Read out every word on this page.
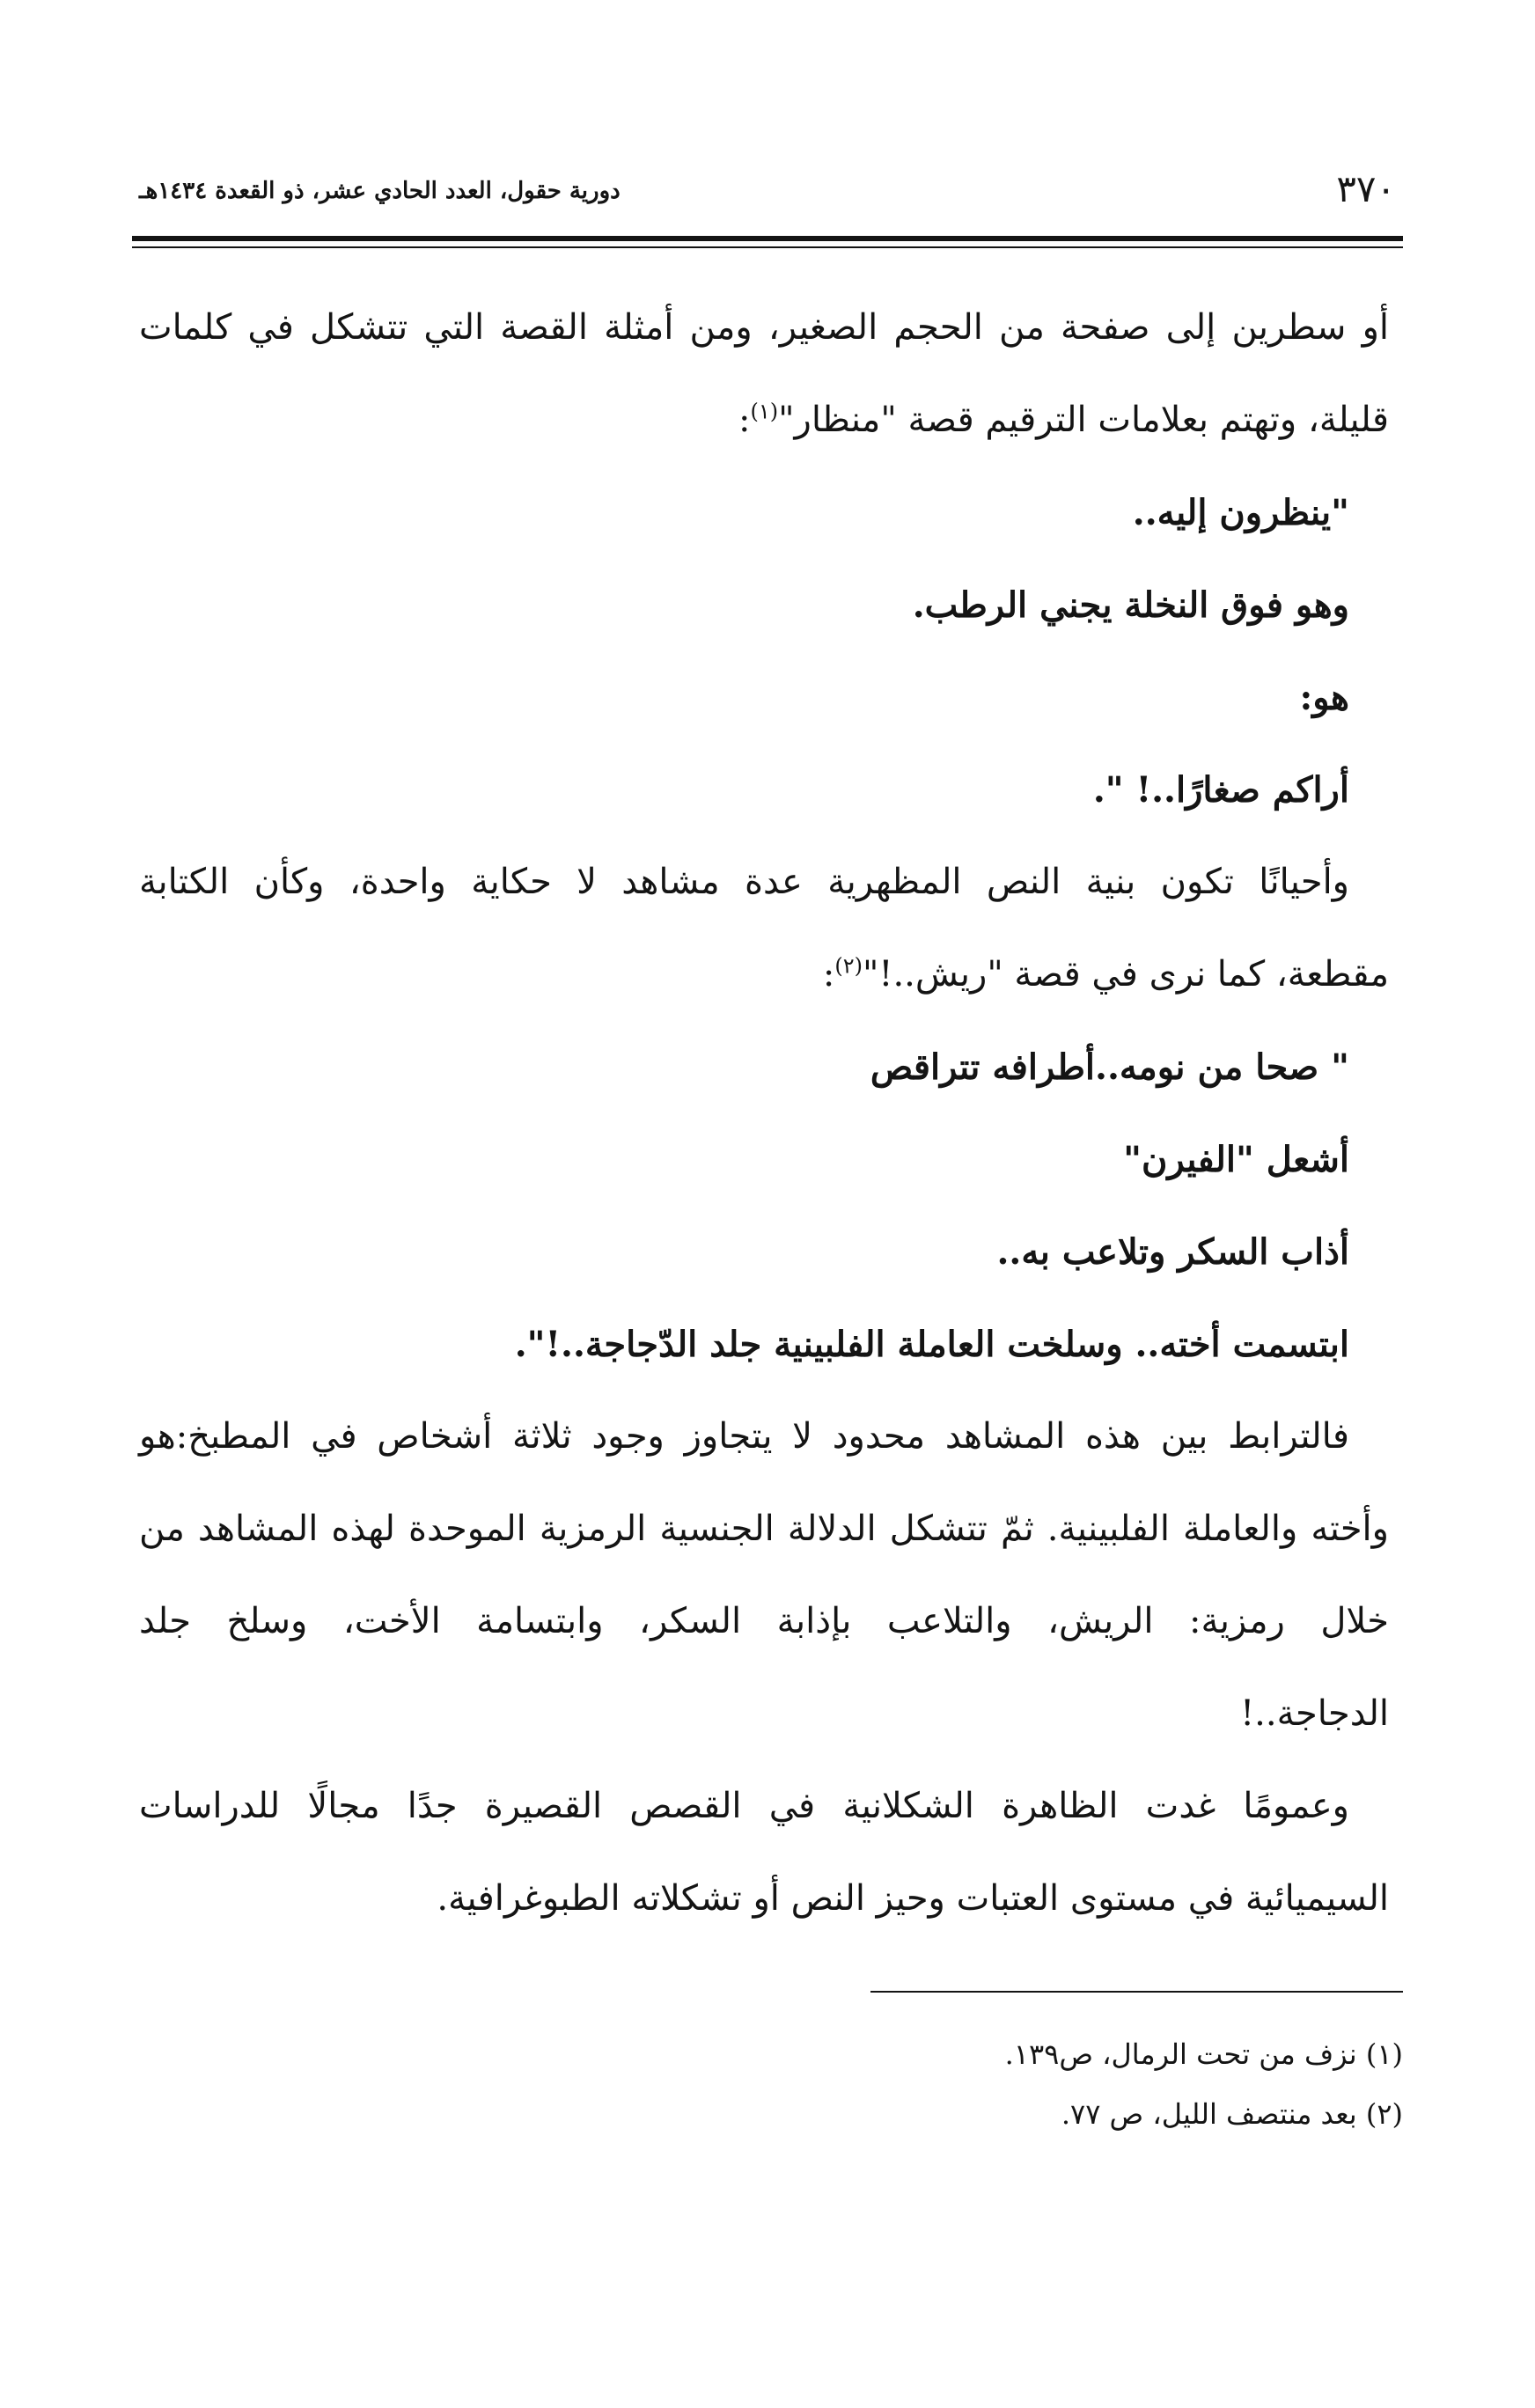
٣٧٠
دورية حقول، العدد الحادي عشر، ذو القعدة ١٤٣٤هـ
أو سطرين إلى صفحة من الحجم الصغير، ومن أمثلة القصة التي تتشكل في كلمات
قليلة، وتهتم بعلامات الترقيم قصة "منظار"$^{(١)}$:
"ينظرون إليه..
وهو فوق النخلة يجني الرطب.
هو:
أراكم صغارًا..! ".
وأحيانًا تكون بنية النص المظهرية عدة مشاهد لا حكاية واحدة، وكأن الكتابة
مقطعة، كما نرى في قصة "ريش..!"$^{(٢)}$:
" صحا من نومه..أطرافه تتراقص
أشعل "الفيرن"
أذاب السكر وتلاعب به..
ابتسمت أخته.. وسلخت العاملة الفلبينية جلد الدّجاجة..!".
فالترابط بين هذه المشاهد محدود لا يتجاوز وجود ثلاثة أشخاص في المطبخ:هو
وأخته والعاملة الفلبينية. ثمّ تتشكل الدلالة الجنسية الرمزية الموحدة لهذه المشاهد من
خلال رمزية: الريش، والتلاعب بإذابة السكر، وابتسامة الأخت، وسلخ جلد
الدجاجة..!
وعمومًا غدت الظاهرة الشكلانية في القصص القصيرة جدًا مجالًا للدراسات
السيميائية في مستوى العتبات وحيز النص أو تشكلاته الطبوغرافية.
(١) نزف من تحت الرمال، ص١٣٩.
(٢) بعد منتصف الليل، ص ٧٧.
